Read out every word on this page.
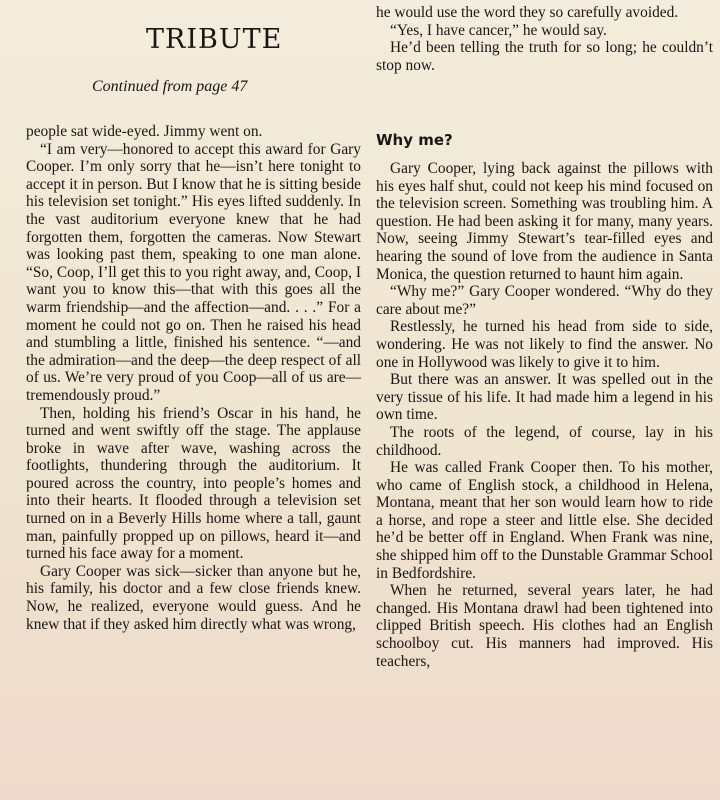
TRIBUTE

Continued from page 47

people sat wide-eyed. Jimmy went on.

“I am very—honored to accept this award for Gary Cooper. I’m only sorry that he—isn’t here tonight to accept it in person. But I know that he is sitting beside his television set tonight.” His eyes lifted suddenly. In the vast auditorium everyone knew that he had forgotten them, forgotten the cameras. Now Stewart was looking past them, speaking to one man alone. “So, Coop, I’ll get this to you right away, and, Coop, I want you to know this—that with this goes all the warm friendship—and the affection—and. . . .” For a moment he could not go on. Then he raised his head and stumbling a little, finished his sentence. “—and the admiration—and the deep—the deep respect of all of us. We’re very proud of you Coop—all of us are—tremendously proud.”

Then, holding his friend’s Oscar in his hand, he turned and went swiftly off the stage. The applause broke in wave after wave, washing across the footlights, thundering through the auditorium. It poured across the country, into people’s homes and into their hearts. It flooded through a television set turned on in a Beverly Hills home where a tall, gaunt man, painfully propped up on pillows, heard it—and turned his face away for a moment.

Gary Cooper was sick—sicker than anyone but he, his family, his doctor and a few close friends knew. Now, he realized, everyone would guess. And he knew that if they asked him directly what was wrong,

he would use the word they so carefully avoided.

“Yes, I have cancer,” he would say.

He’d been telling the truth for so long; he couldn’t stop now.

Why me?

Gary Cooper, lying back against the pillows with his eyes half shut, could not keep his mind focused on the television screen. Something was troubling him. A question. He had been asking it for many, many years. Now, seeing Jimmy Stewart’s tear-filled eyes and hearing the sound of love from the audience in Santa Monica, the question returned to haunt him again.

“Why me?” Gary Cooper wondered. “Why do they care about me?”

Restlessly, he turned his head from side to side, wondering. He was not likely to find the answer. No one in Hollywood was likely to give it to him.

But there was an answer. It was spelled out in the very tissue of his life. It had made him a legend in his own time.

The roots of the legend, of course, lay in his childhood.

He was called Frank Cooper then. To his mother, who came of English stock, a childhood in Helena, Montana, meant that her son would learn how to ride a horse, and rope a steer and little else. She decided he’d be better off in England. When Frank was nine, she shipped him off to the Dunstable Grammar School in Bedfordshire.

When he returned, several years later, he had changed. His Montana drawl had been tightened into clipped British speech. His clothes had an English schoolboy cut. His manners had improved. His teachers,
